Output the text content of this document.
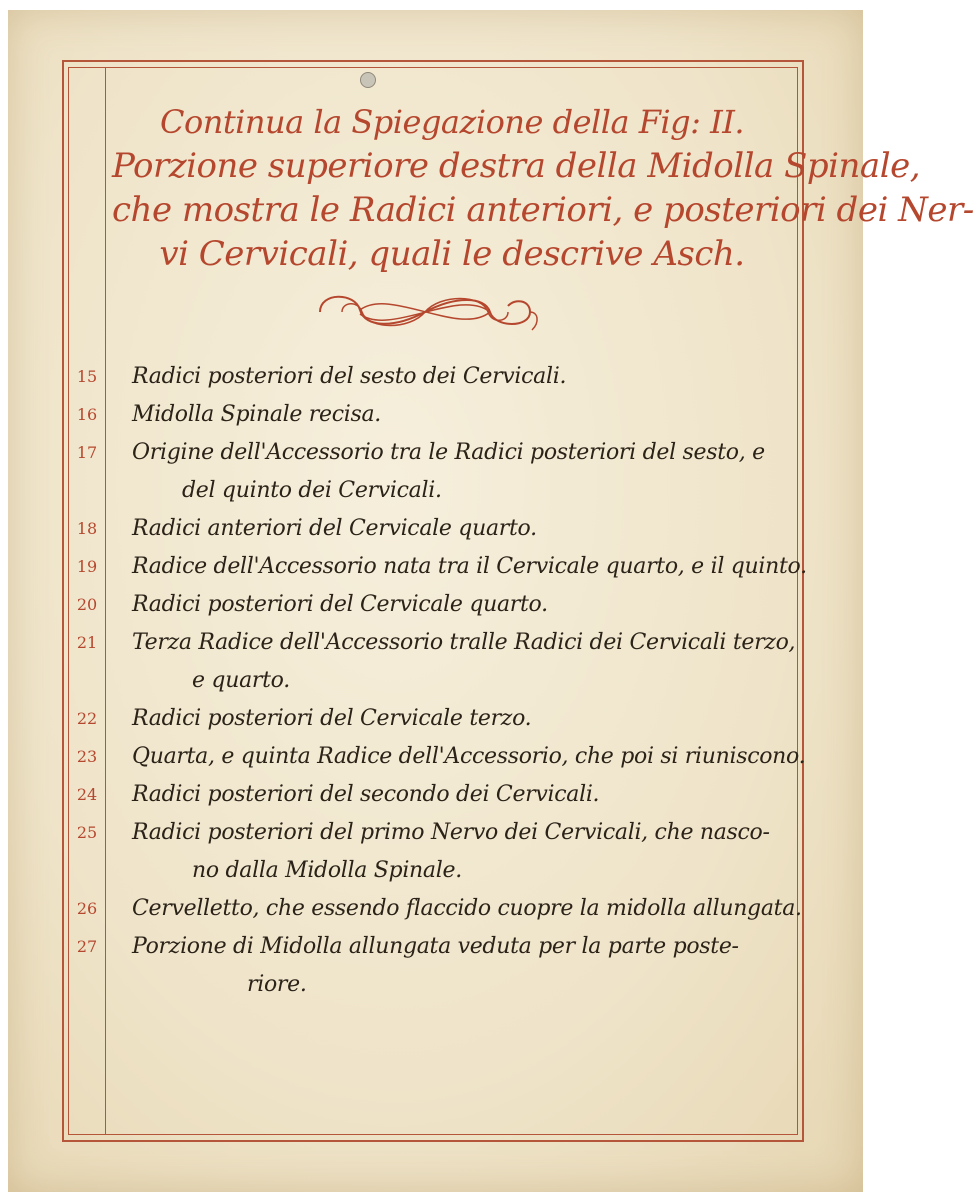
Continua la Spiegazione della Fig: II.
Porzione superiore destra della Midolla Spinale,
che mostra le Radici anteriori, e posteriori dei Ner-
vi Cervicali, quali le descrive Asch.
15	Radici posteriori del sesto dei Cervicali.
16	Midolla Spinale recisa.
17	Origine dell'Accessorio tra le Radici posteriori del sesto, e
del quinto dei Cervicali.
18	Radici anteriori del Cervicale quarto.
19	Radice dell'Accessorio nata tra il Cervicale quarto, e il quinto.
20	Radici posteriori del Cervicale quarto.
21	Terza Radice dell'Accessorio tralle Radici dei Cervicali terzo,
e quarto.
22	Radici posteriori del Cervicale terzo.
23	Quarta, e quinta Radice dell'Accessorio, che poi si riuniscono.
24	Radici posteriori del secondo dei Cervicali.
25	Radici posteriori del primo Nervo dei Cervicali, che nasco-
no dalla Midolla Spinale.
26	Cervelletto, che essendo flaccido cuopre la midolla allungata.
27	Porzione di Midolla allungata veduta per la parte poste-
riore.
